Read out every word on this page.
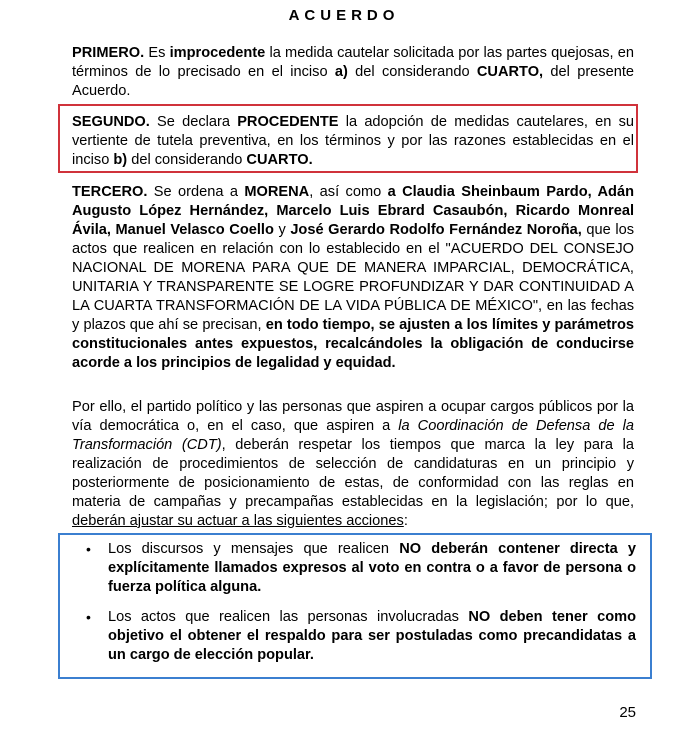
ACUERDO

PRIMERO. Es improcedente la medida cautelar solicitada por las partes quejosas, en términos de lo precisado en el inciso a) del considerando CUARTO, del presente Acuerdo.

SEGUNDO. Se declara PROCEDENTE la adopción de medidas cautelares, en su vertiente de tutela preventiva, en los términos y por las razones establecidas en el inciso b) del considerando CUARTO.

TERCERO. Se ordena a MORENA, así como a Claudia Sheinbaum Pardo, Adán Augusto López Hernández, Marcelo Luis Ebrard Casaubón, Ricardo Monreal Ávila, Manuel Velasco Coello y José Gerardo Rodolfo Fernández Noroña, que los actos que realicen en relación con lo establecido en el "ACUERDO DEL CONSEJO NACIONAL DE MORENA PARA QUE DE MANERA IMPARCIAL, DEMOCRÁTICA, UNITARIA Y TRANSPARENTE SE LOGRE PROFUNDIZAR Y DAR CONTINUIDAD A LA CUARTA TRANSFORMACIÓN DE LA VIDA PÚBLICA DE MÉXICO", en las fechas y plazos que ahí se precisan, en todo tiempo, se ajusten a los límites y parámetros constitucionales antes expuestos, recalcándoles la obligación de conducirse acorde a los principios de legalidad y equidad.

Por ello, el partido político y las personas que aspiren a ocupar cargos públicos por la vía democrática o, en el caso, que aspiren a la Coordinación de Defensa de la Transformación (CDT), deberán respetar los tiempos que marca la ley para la realización de procedimientos de selección de candidaturas en un principio y posteriormente de posicionamiento de estas, de conformidad con las reglas en materia de campañas y precampañas establecidas en la legislación; por lo que, deberán ajustar su actuar a las siguientes acciones:

•	Los discursos y mensajes que realicen NO deberán contener directa y explícitamente llamados expresos al voto en contra o a favor de persona o fuerza política alguna.
•	Los actos que realicen las personas involucradas NO deben tener como objetivo el obtener el respaldo para ser postuladas como precandidatas a un cargo de elección popular.
25
